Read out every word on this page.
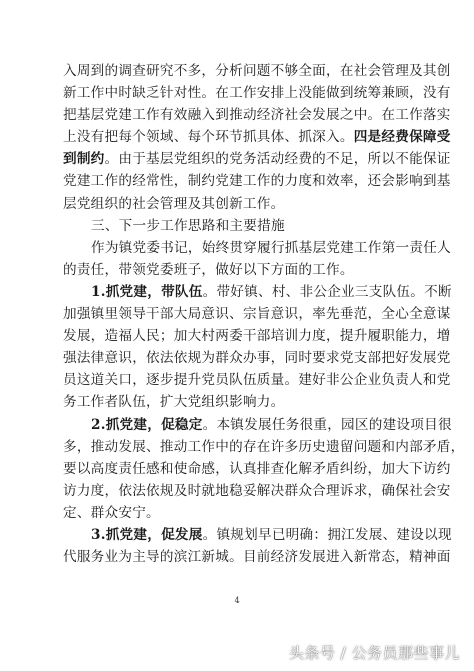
入周到的调查研究不多，分析问题不够全面，在社会管理及其创
新工作中时缺乏针对性。在工作安排上没能做到统筹兼顾，没有
把基层党建工作有效融入到推动经济社会发展之中。在工作落实
上没有把每个领域、每个环节抓具体、抓深入。四是经费保障受
到制约。由于基层党组织的党务活动经费的不足，所以不能保证
党建工作的经常性，制约党建工作的力度和效率，还会影响到基
层党组织的社会管理及其创新工作。
三、下一步工作思路和主要措施
作为镇党委书记，始终贯穿履行抓基层党建工作第一责任人
的责任，带领党委班子，做好以下方面的工作。
1.抓党建，带队伍。带好镇、村、非公企业三支队伍。不断
加强镇里领导干部大局意识、宗旨意识，率先垂范，全心全意谋
发展，造福人民；加大村两委干部培训力度，提升履职能力，增
强法律意识，依法依规为群众办事，同时要求党支部把好发展党
员这道关口，逐步提升党员队伍质量。建好非公企业负责人和党
务工作者队伍，扩大党组织影响力。
2.抓党建，促稳定。本镇发展任务很重，园区的建设项目很
多，推动发展、推动工作中的存在许多历史遗留问题和内部矛盾，
要以高度责任感和使命感，认真排查化解矛盾纠纷，加大下访约
访力度，依法依规及时就地稳妥解决群众合理诉求，确保社会安
定、群众安宁。
3.抓党建，促发展。镇规划早已明确：拥江发展、建设以现
代服务业为主导的滨江新城。目前经济发展进入新常态，精神面
4
头条号 / 公务员那些事儿
